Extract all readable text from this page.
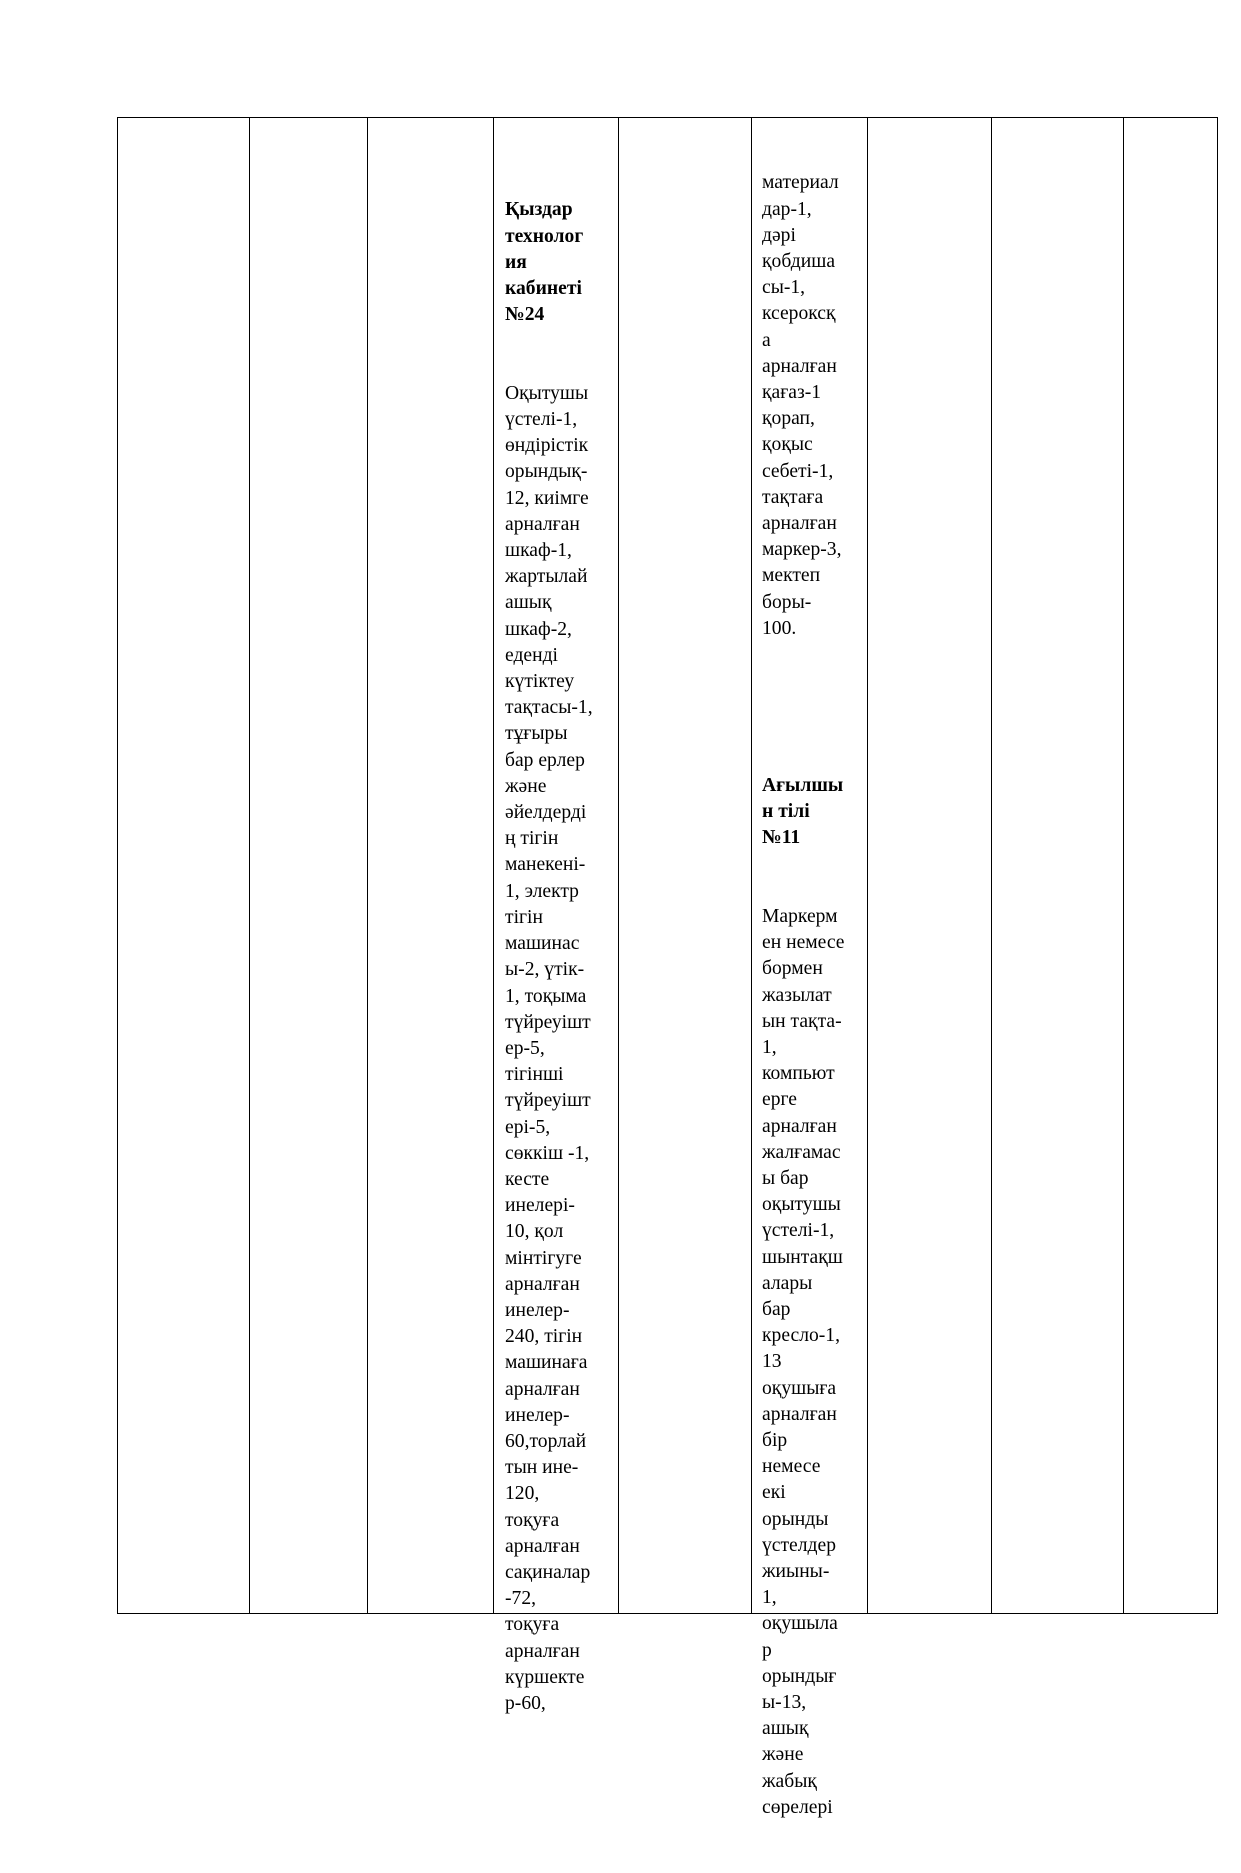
Қыздар
технолог
ия
кабинеті
№24

Оқытушы
үстелі-1,
өндірістік
орындық-
12, киімге
арналған
шкаф-1,
жартылай
ашық
шкаф-2,
еденді
күтіктеу
тақтасы-1,
тұғыры
бар ерлер
және
әйелдерді
ң тігін
манекені-
1, электр
тігін
машинас
ы-2, үтік-
1, тоқыма
түйреуішт
ер-5,
тігінші
түйреуішт
ері-5,
сөккіш -1,
кесте
инелері-
10, қол
мінтігуге
арналған
инелер-
240, тігін
машинаға
арналған
инелер-
60,торлай
тын ине-
120,
тоқуға
арналған
сақиналар
-72,
тоқуға
арналған
күршекте
р-60,

материал
дар-1,
дәрі
қобдиша
сы-1,
ксероксқ
а
арналған
қағаз-1
қорап,
қоқыс
себеті-1,
тақтаға
арналған
маркер-3,
мектеп
боры-
100.

Ағылшы
н тілі
№11

Маркерм
ен немесе
бормен
жазылат
ын тақта-
1,
компьют
ерге
арналған
жалғамас
ы бар
оқытушы
үстелі-1,
шынтақш
алары
бар
кресло-1,
13
оқушыға
арналған
бір
немесе
екі
орынды
үстелдер
жиыны-
1,
оқушыла
р
орындығ
ы-13,
ашық
және
жабық
сөрелері
